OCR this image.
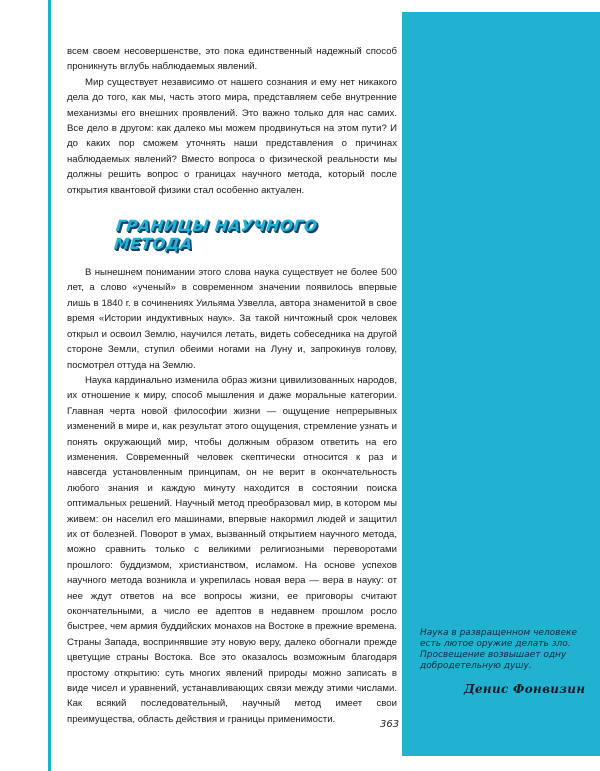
всем своем несовершенстве, это пока единственный надежный способ проникнуть вглубь наблюдаемых явлений.

Мир существует независимо от нашего сознания и ему нет никакого дела до того, как мы, часть этого мира, представляем себе внутренние механизмы его внешних проявлений. Это важно только для нас самих. Все дело в другом: как далеко мы можем продвинуться на этом пути? И до каких пор сможем уточнять наши представления о причинах наблюдаемых явлений? Вместо вопроса о физической реальности мы должны решить вопрос о границах научного метода, который после открытия квантовой физики стал особенно актуален.

ГРАНИЦЫ НАУЧНОГО МЕТОДА

В нынешнем понимании этого слова наука существует не более 500 лет, а слово «ученый» в современном значении появилось впервые лишь в 1840 г. в сочинениях Уильяма Узвелла, автора знаменитой в свое время «Истории индуктивных наук». За такой ничтожный срок человек открыл и освоил Землю, научился летать, видеть собеседника на другой стороне Земли, ступил обеими ногами на Луну и, запрокинув голову, посмотрел оттуда на Землю.

Наука кардинально изменила образ жизни цивилизованных народов, их отношение к миру, способ мышления и даже моральные категории. Главная черта новой философии жизни — ощущение непрерывных изменений в мире и, как результат этого ощущения, стремление узнать и понять окружающий мир, чтобы должным образом ответить на его изменения. Современный человек скептически относится к раз и навсегда установленным принципам, он не верит в окончательность любого знания и каждую минуту находится в состоянии поиска оптимальных решений. Научный метод преобразовал мир, в котором мы живем: он населил его машинами, впервые накормил людей и защитил их от болезней. Поворот в умах, вызванный открытием научного метода, можно сравнить только с великими религиозными переворотами прошлого: буддизмом, христианством, исламом. На основе успехов научного метода возникла и укрепилась новая вера — вера в науку: от нее ждут ответов на все вопросы жизни, ее приговоры считают окончательными, а число ее адептов в недавнем прошлом росло быстрее, чем армия буддийских монахов на Востоке в прежние времена. Страны Запада, воспринявшие эту новую веру, далеко обогнали прежде цветущие страны Востока. Все это оказалось возможным благодаря простому открытию: суть многих явлений природы можно записать в виде чисел и уравнений, устанавливающих связи между этими числами. Как всякий последовательный, научный метод имеет свои преимущества, область действия и границы применимости.

Наука в развращенном человеке есть лютое оружие делать зло. Просвещение возвышает одну добродетельную душу.

Денис Фонвизин
363
